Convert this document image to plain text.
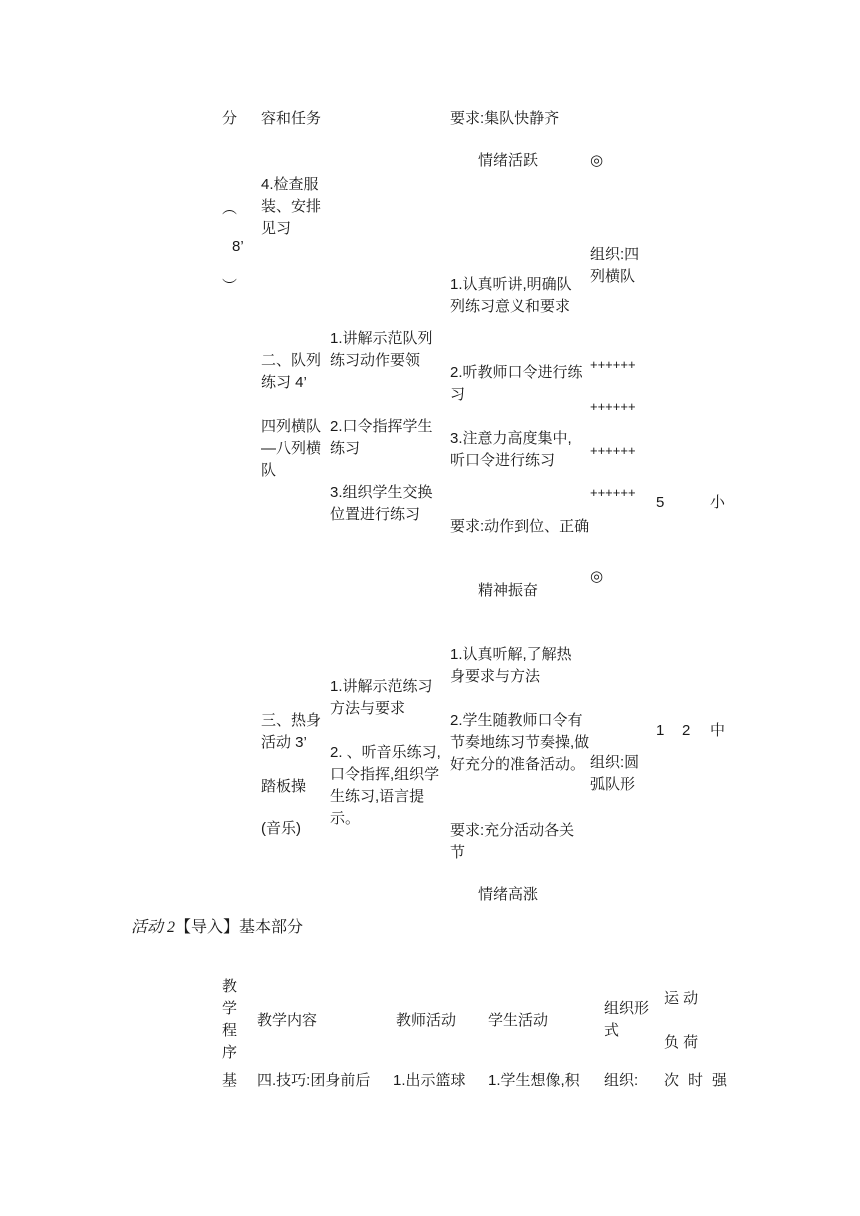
分
︵
8’
︶
容和任务
4.检查服装、安排见习
二、队列练习 4’
四列横队—八列横队
三、热身活动 3’
踏板操
(音乐)
1.讲解示范队列练习动作要领
2.口令指挥学生练习
3.组织学生交换位置进行练习
1.讲解示范练习方法与要求
2. 、听音乐练习,口令指挥,组织学生练习,语言提示。
要求:集队快静齐
情绪活跃
1.认真听讲,明确队列练习意义和要求
2.听教师口令进行练习
3.注意力高度集中,听口令进行练习
要求:动作到位、正确
精神振奋
1.认真听解,了解热身要求与方法
2.学生随教师口令有节奏地练习节奏操,做好充分的准备活动。
要求:充分活动各关节
情绪高涨
◎
组织:四列横队
++++++
++++++
++++++
++++++
◎
组织:圆弧队形
5	小
1 2 中
活动 2【导入】基本部分
教学程序
教学内容	教师活动 学生活动
组织形式
运 动
负 荷
基 四.技巧:团身前后 1.出示篮球 1.学生想像,积 组织: 次 时 强
